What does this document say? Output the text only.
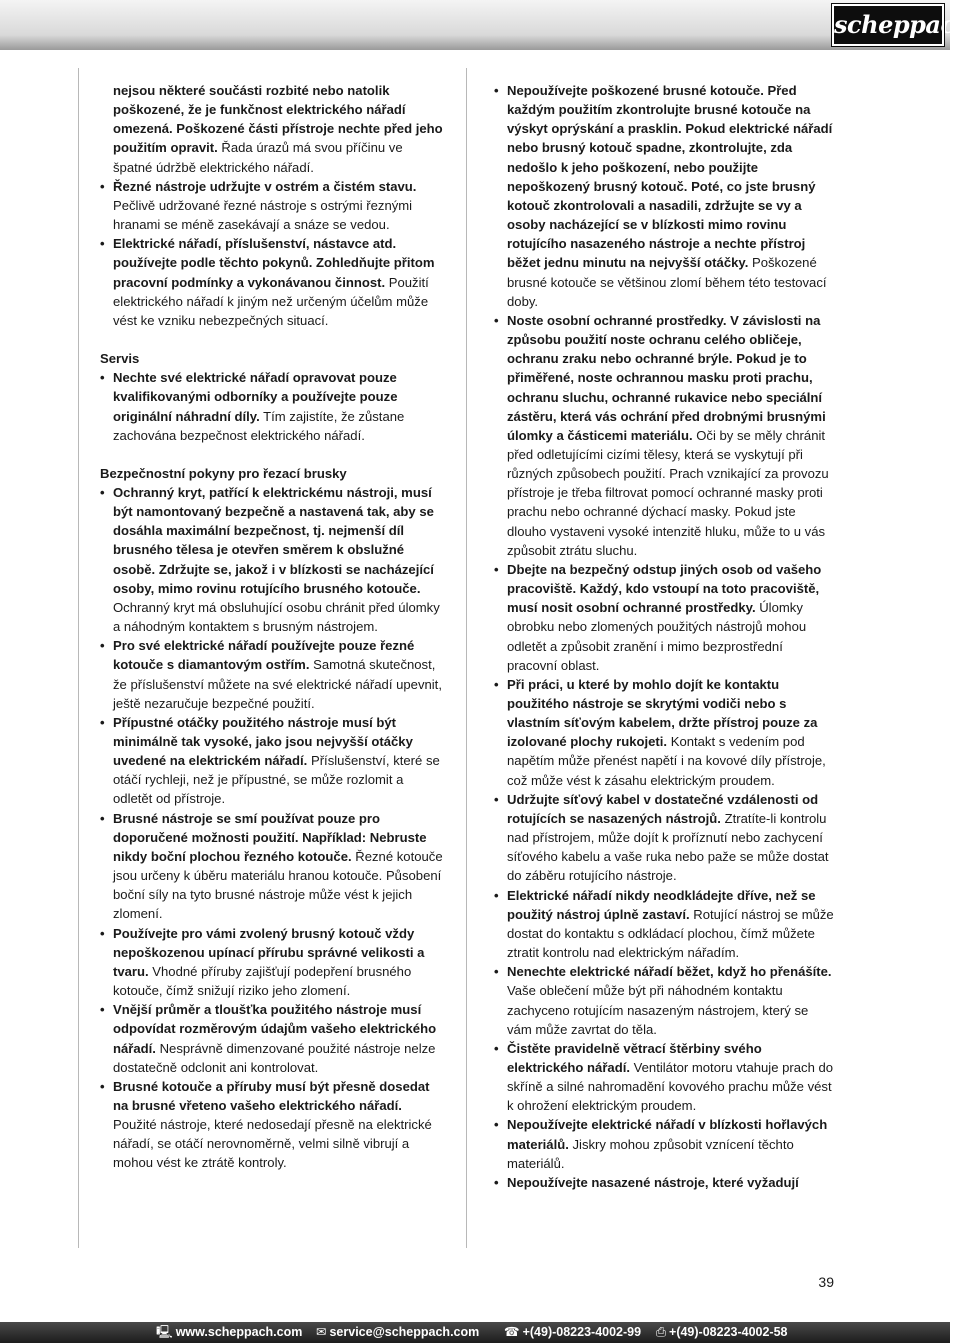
scheppach

nejsou některé součásti rozbité nebo natolik poškozené, že je funkčnost elektrického nářadí omezená. Poškozené části přístroje nechte před jeho použitím opravit. Řada úrazů má svou příčinu ve špatné údržbě elektrického nářadí.

• Řezné nástroje udržujte v ostrém a čistém stavu. Pečlivě udržované řezné nástroje s ostrými řeznými hranami se méně zasekávají a snáze se vedou.
• Elektrické nářadí, příslušenství, nástavce atd. používejte podle těchto pokynů. Zohledňujte přitom pracovní podmínky a vykonávanou činnost. Použití elektrického nářadí k jiným než určeným účelům může vést ke vzniku nebezpečných situací.

Servis

• Nechte své elektrické nářadí opravovat pouze kvalifikovanými odborníky a používejte pouze originální náhradní díly. Tím zajistíte, že zůstane zachována bezpečnost elektrického nářadí.

Bezpečnostní pokyny pro řezací brusky

• Ochranný kryt, patřící k elektrickému nástroji, musí být namontovaný bezpečně a nastavená tak, aby se dosáhla maximální bezpečnost, tj. nejmenší díl brusného tělesa je otevřen směrem k obslužné osobě. Zdržujte se, jakož i v blízkosti se nacházející osoby, mimo rovinu rotujícího brusného kotouče. Ochranný kryt má obsluhující osobu chránit před úlomky a náhodným kontaktem s brusným nástrojem.
• Pro své elektrické nářadí používejte pouze řezné kotouče s diamantovým ostřím. Samotná skutečnost, že příslušenství můžete na své elektrické nářadí upevnit, ještě nezaručuje bezpečné použití.
• Přípustné otáčky použitého nástroje musí být minimálně tak vysoké, jako jsou nejvyšší otáčky uvedené na elektrickém nářadí. Příslušenství, které se otáčí rychleji, než je přípustné, se může rozlomit a odletět od přístroje.
• Brusné nástroje se smí používat pouze pro doporučené možnosti použití. Například: Nebruste nikdy boční plochou řezného kotouče. Řezné kotouče jsou určeny k úběru materiálu hranou kotouče. Působení boční síly na tyto brusné nástroje může vést k jejich zlomení.
• Používejte pro vámi zvolený brusný kotouč vždy nepoškozenou upínací přírubu správné velikosti a tvaru. Vhodné příruby zajišťují podepření brusného kotouče, čímž snižují riziko jeho zlomení.
• Vnější průměr a tloušťka použitého nástroje musí odpovídat rozměrovým údajům vašeho elektrického nářadí. Nesprávně dimenzované použité nástroje nelze dostatečně odclonit ani kontrolovat.
• Brusné kotouče a příruby musí být přesně dosedat na brusné vřeteno vašeho elektrického nářadí. Použité nástroje, které nedosedají přesně na elektrické nářadí, se otáčí nerovnoměrně, velmi silně vibrují a mohou vést ke ztrátě kontroly.
• Nepoužívejte poškozené brusné kotouče. Před každým použitím zkontrolujte brusné kotouče na výskyt oprýskání a prasklin. Pokud elektrické nářadí nebo brusný kotouč spadne, zkontrolujte, zda nedošlo k jeho poškození, nebo použijte nepoškozený brusný kotouč. Poté, co jste brusný kotouč zkontrolovali a nasadili, zdržujte se vy a osoby nacházející se v blízkosti mimo rovinu rotujícího nasazeného nástroje a nechte přístroj běžet jednu minutu na nejvyšší otáčky. Poškozené brusné kotouče se většinou zlomí během této testovací doby.
• Noste osobní ochranné prostředky. V závislosti na způsobu použití noste ochranu celého obličeje, ochranu zraku nebo ochranné brýle. Pokud je to přiměřené, noste ochrannou masku proti prachu, ochranu sluchu, ochranné rukavice nebo speciální zástěru, která vás ochrání před drobnými brusnými úlomky a částicemi materiálu. Oči by se měly chránit před odletujícími cizími tělesy, která se vyskytují při různých způsobech použití. Prach vznikající za provozu přístroje je třeba filtrovat pomocí ochranné masky proti prachu nebo ochranné dýchací masky. Pokud jste dlouho vystaveni vysoké intenzitě hluku, může to u vás způsobit ztrátu sluchu.
• Dbejte na bezpečný odstup jiných osob od vašeho pracoviště. Každý, kdo vstoupí na toto pracoviště, musí nosit osobní ochranné prostředky. Úlomky obrobku nebo zlomených použitých nástrojů mohou odletět a způsobit zranění i mimo bezprostřední pracovní oblast.
• Při práci, u které by mohlo dojít ke kontaktu použitého nástroje se skrytými vodiči nebo s vlastním síťovým kabelem, držte přístroj pouze za izolované plochy rukojeti. Kontakt s vedením pod napětím může přenést napětí i na kovové díly přístroje, což může vést k zásahu elektrickým proudem.
• Udržujte síťový kabel v dostatečné vzdálenosti od rotujících se nasazených nástrojů. Ztratíte-li kontrolu nad přístrojem, může dojít k proříznutí nebo zachycení síťového kabelu a vaše ruka nebo paže se může dostat do záběru rotujícího nástroje.
• Elektrické nářadí nikdy neodkládejte dříve, než se použitý nástroj úplně zastaví. Rotující nástroj se může dostat do kontaktu s odkládací plochou, čímž můžete ztratit kontrolu nad elektrickým nářadím.
• Nenechte elektrické nářadí běžet, když ho přenášíte. Vaše oblečení může být při náhodném kontaktu zachyceno rotujícím nasazeným nástrojem, který se vám může zavrtat do těla.
• Čistěte pravidelně větrací štěrbiny svého elektrického nářadí. Ventilátor motoru vtahuje prach do skříně a silné nahromadění kovového prachu může vést k ohrožení elektrickým proudem.
• Nepoužívejte elektrické nářadí v blízkosti hořlavých materiálů. Jiskry mohou způsobit vznícení těchto materiálů.
• Nepoužívejte nasazené nástroje, které vyžadují
39
🖳 www.scheppach.com ✉ service@scheppach.com ☎ +(49)-08223-4002-99 ⎙ +(49)-08223-4002-58
